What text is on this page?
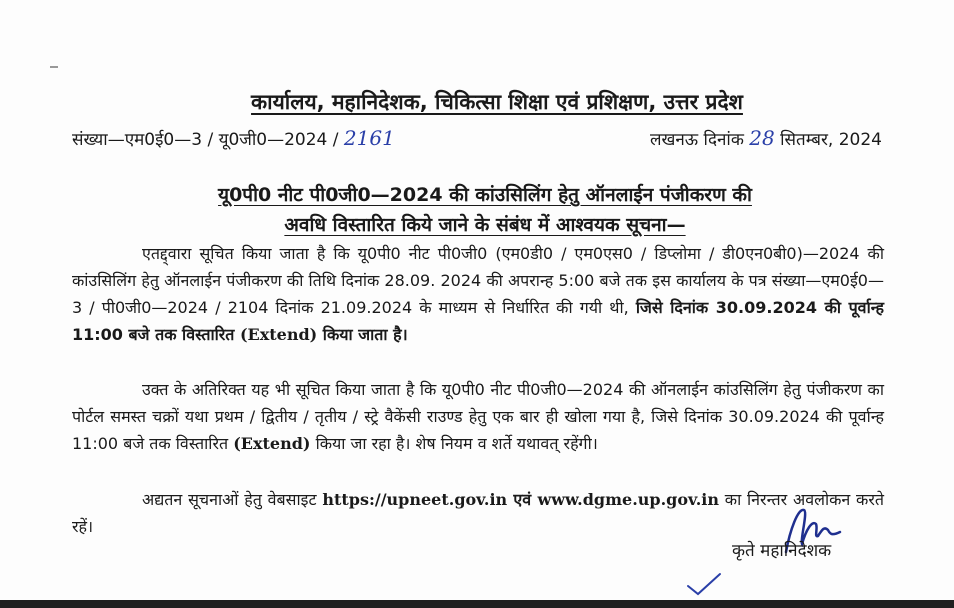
कार्यालय, महानिदेशक, चिकित्सा शिक्षा एवं प्रशिक्षण, उत्तर प्रदेश
संख्या—एम0ई0—3 / यू0जी0—2024 / 2161	लखनऊ दिनांक 28 सितम्बर, 2024
यू0पी0 नीट पी0जी0—2024 की कांउसिलिंग हेतु ऑनलाईन पंजीकरण की
अवधि विस्तारित किये जाने के संबंध में आश्वयक सूचना—
एतद्द्वारा सूचित किया जाता है कि यू0पी0 नीट पी0जी0 (एम0डी0 / एम0एस0 / डिप्लोमा / डी0एन0बी0)—2024 की कांउसिलिंग हेतु ऑनलाईन पंजीकरण की तिथि दिनांक 28.09. 2024 की अपरान्ह 5:00 बजे तक इस कार्यालय के पत्र संख्या—एम0ई0—3 / पी0जी0—2024 / 2104 दिनांक 21.09.2024 के माध्यम से निर्धारित की गयी थी, जिसे दिनांक 30.09.2024 की पूर्वान्ह 11:00 बजे तक विस्तारित (Extend) किया जाता है।
उक्त के अतिरिक्त यह भी सूचित किया जाता है कि यू0पी0 नीट पी0जी0—2024 की ऑनलाईन कांउसिलिंग हेतु पंजीकरण का पोर्टल समस्त चक्रों यथा प्रथम / द्वितीय / तृतीय / स्ट्रे वैकेंसी राउण्ड हेतु एक बार ही खोला गया है, जिसे दिनांक 30.09.2024 की पूर्वान्ह 11:00 बजे तक विस्तारित (Extend) किया जा रहा है। शेष नियम व शर्ते यथावत् रहेंगी।
अद्यतन सूचनाओं हेतु वेबसाइट https://upneet.gov.in एवं www.dgme.up.gov.in का निरन्तर अवलोकन करते रहें।
कृते महानिदेशक
